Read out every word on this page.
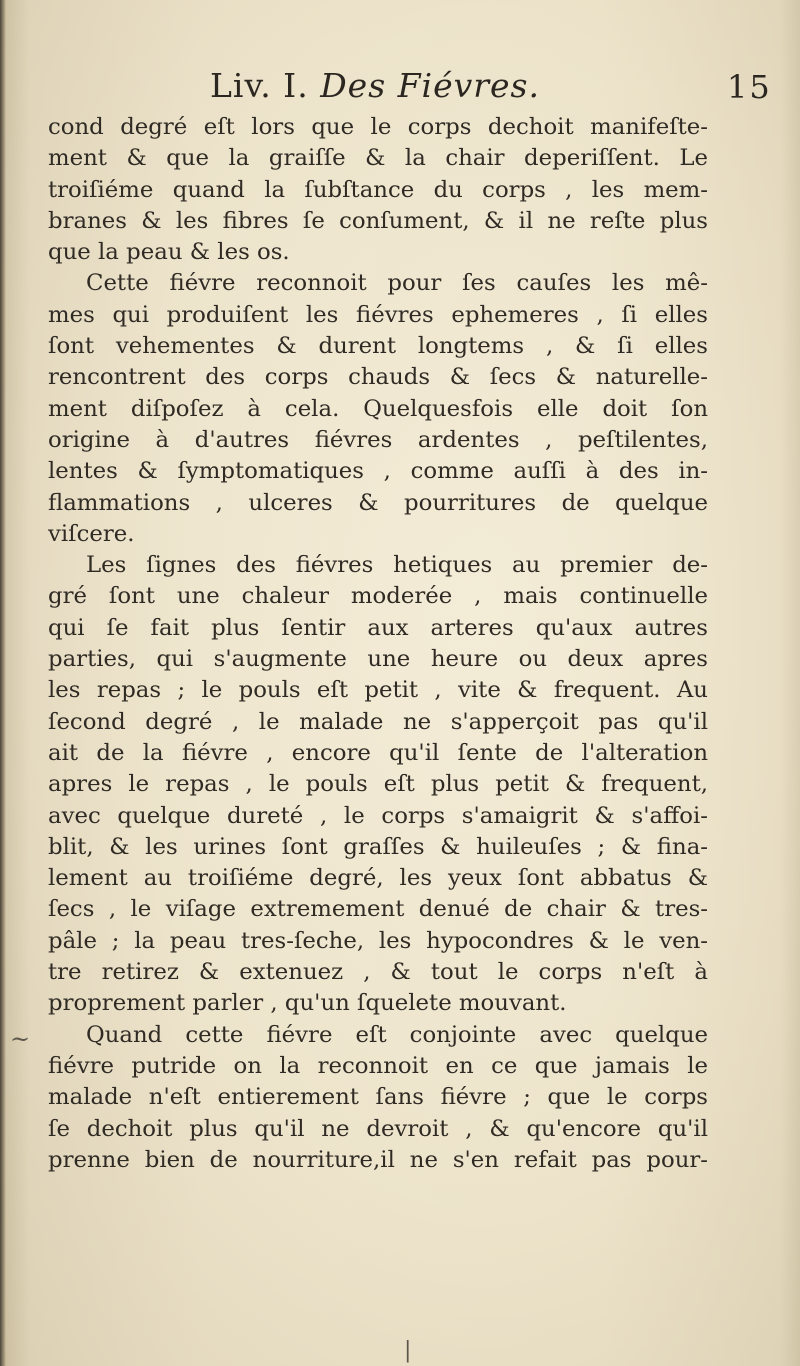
Liv. I. Des Fiévres.	15
cond degré eſt lors que le corps dechoit manifeſte-
ment & que la graiſſe & la chair deperiſſent. Le
troiſiéme quand la ſubſtance du corps , les mem-
branes & les fibres ſe conſument, & il ne reſte plus
que la peau & les os.
Cette fiévre reconnoit pour ſes cauſes les mê-
mes qui produiſent les fiévres ephemeres , ſi elles
ſont vehementes & durent longtems , & ſi elles
rencontrent des corps chauds & ſecs & naturelle-
ment diſpoſez à cela. Quelquesfois elle doit ſon
origine à d'autres fiévres ardentes , peſtilentes,
lentes & ſymptomatiques , comme auſſi à des in-
flammations , ulceres & pourritures de quelque
viſcere.
Les ſignes des fiévres hetiques au premier de-
gré ſont une chaleur moderée , mais continuelle
qui ſe fait plus ſentir aux arteres qu'aux autres
parties, qui s'augmente une heure ou deux apres
les repas ; le pouls eſt petit , vite & frequent. Au
ſecond degré , le malade ne s'apperçoit pas qu'il
ait de la fiévre , encore qu'il ſente de l'alteration
apres le repas , le pouls eſt plus petit & frequent,
avec quelque dureté , le corps s'amaigrit & s'affoi-
blit, & les urines ſont graſſes & huileuſes ; & fina-
lement au troiſiéme degré, les yeux ſont abbatus &
ſecs , le viſage extremement denué de chair & tres-
pâle ; la peau tres-ſeche, les hypocondres & le ven-
tre retirez & extenuez , & tout le corps n'eſt à
proprement parler , qu'un ſquelete mouvant.
Quand cette fiévre eſt conjointe avec quelque
fiévre putride on la reconnoit en ce que jamais le
malade n'eſt entierement ſans fiévre ; que le corps
ſe dechoit plus qu'il ne devroit , & qu'encore qu'il
prenne bien de nourriture,il ne s'en refait pas pour-
~
|
